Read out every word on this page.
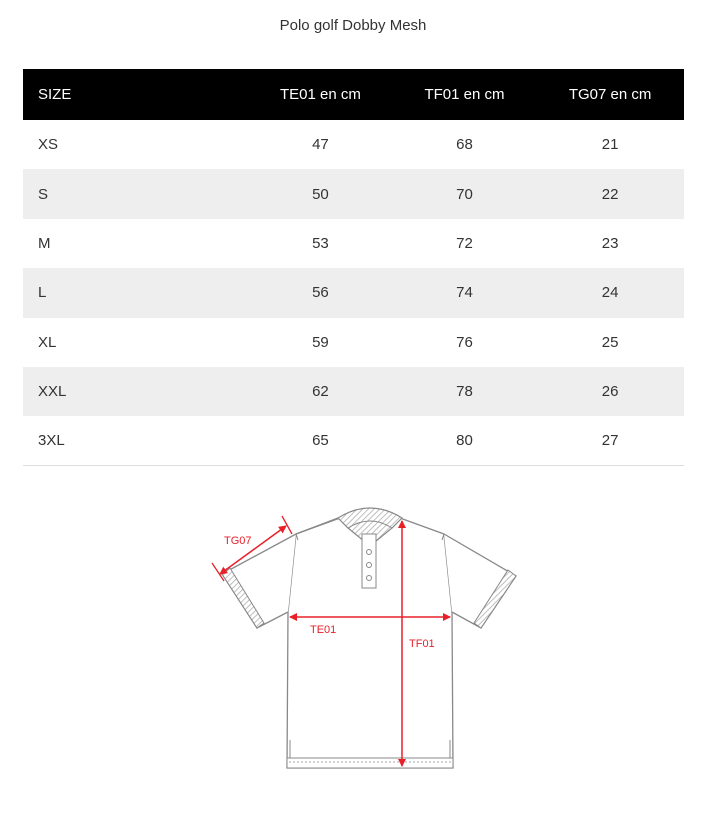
Polo golf Dobby Mesh
SIZE	TE01 en cm	TF01 en cm	TG07 en cm
XS	47	68	21
S	50	70	22
M	53	72	23
L	56	74	24
XL	59	76	25
XXL	62	78	26
3XL	65	80	27
TG07
TE01
TF01
